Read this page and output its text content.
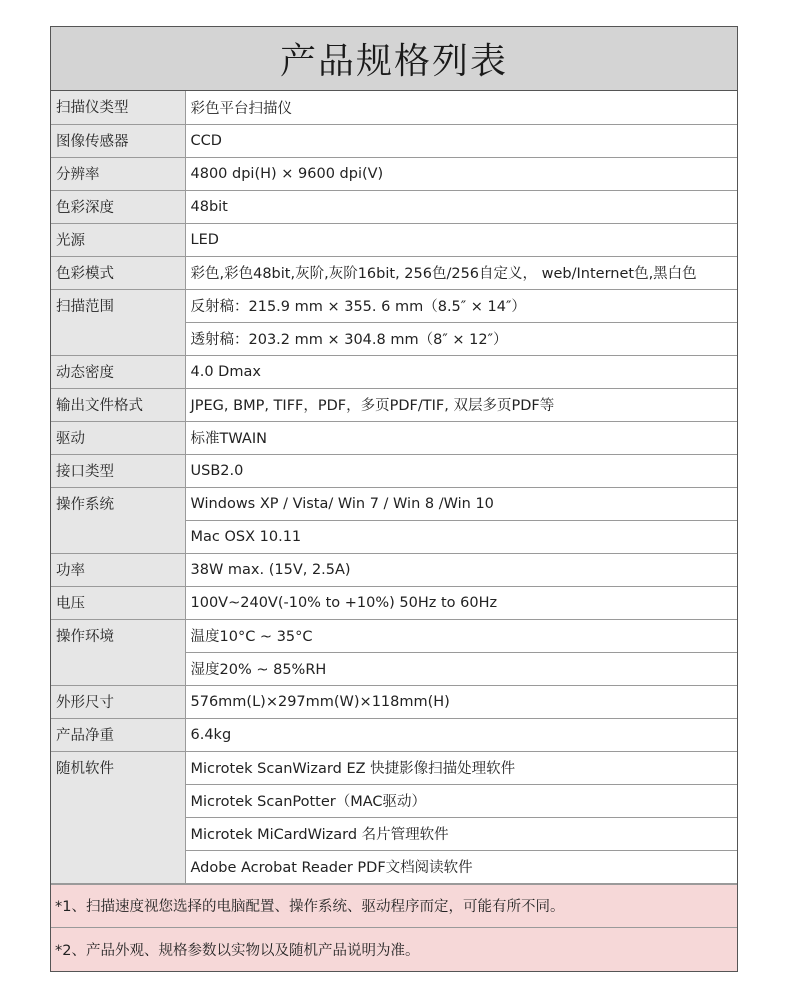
产品规格列表
扫描仪类型	彩色平台扫描仪
图像传感器	CCD
分辨率	4800 dpi(H) × 9600 dpi(V)
色彩深度	48bit
光源	LED
色彩模式	彩色,彩色48bit,灰阶,灰阶16bit, 256色/256自定义， web/Internet色,黑白色
扫描范围	反射稿：215.9 mm × 355. 6 mm（8.5″ × 14″）
	透射稿：203.2 mm × 304.8 mm（8″ × 12″）
动态密度	4.0 Dmax
输出文件格式	JPEG, BMP, TIFF，PDF，多页PDF/TIF, 双层多页PDF等
驱动	标准TWAIN
接口类型	USB2.0
操作系统	Windows XP / Vista/ Win 7 / Win 8 /Win 10
	Mac OSX 10.11
功率	38W max. (15V, 2.5A)
电压	100V~240V(-10% to +10%) 50Hz to 60Hz
操作环境	温度10°C ~ 35°C
	湿度20% ~ 85%RH
外形尺寸	576mm(L)×297mm(W)×118mm(H)
产品净重	6.4kg
随机软件	Microtek ScanWizard EZ 快捷影像扫描处理软件
	Microtek ScanPotter（MAC驱动）
	Microtek MiCardWizard 名片管理软件
	Adobe Acrobat Reader PDF文档阅读软件
*1、扫描速度视您选择的电脑配置、操作系统、驱动程序而定，可能有所不同。
*2、产品外观、规格参数以实物以及随机产品说明为准。
